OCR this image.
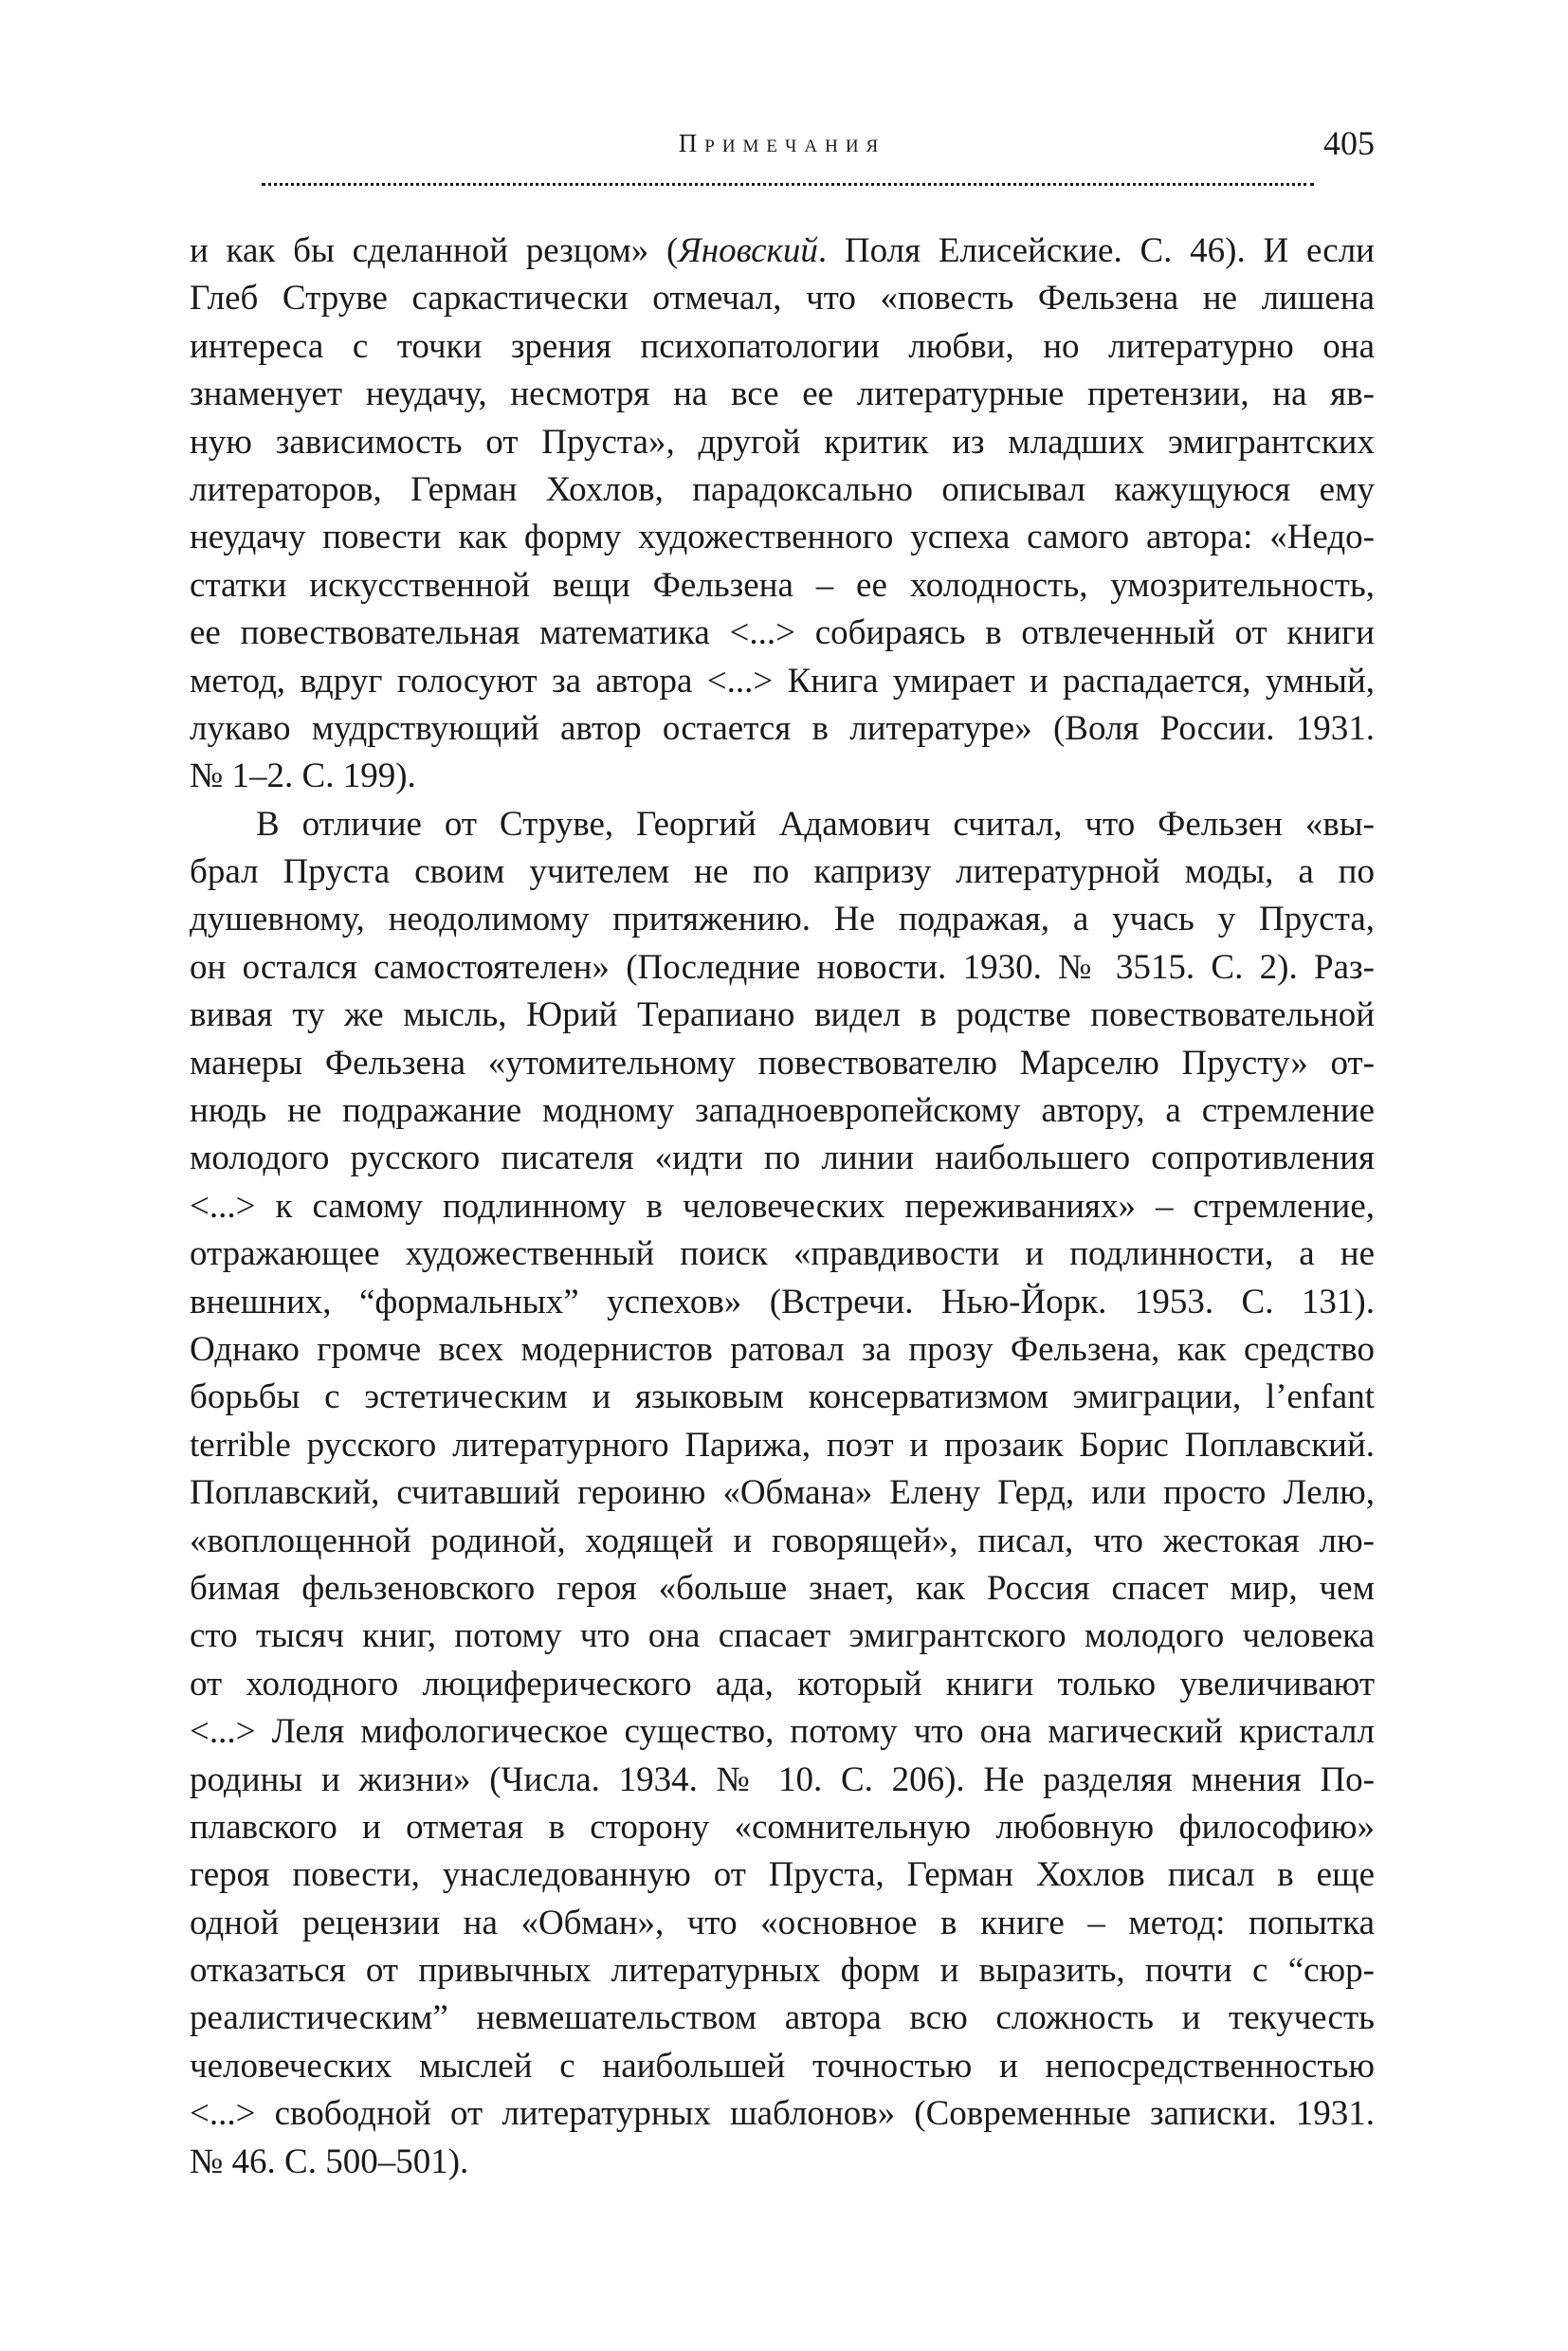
Примечания	405
и как бы сделанной резцом» (Яновский. Поля Елисейские. С. 46). И если
Глеб Струве саркастически отмечал, что «повесть Фельзена не лишена
интереса с точки зрения психопатологии любви, но литературно она
знаменует неудачу, несмотря на все ее литературные претензии, на яв-
ную зависимость от Пруста», другой критик из младших эмигрантских
литераторов, Герман Хохлов, парадоксально описывал кажущуюся ему
неудачу повести как форму художественного успеха самого автора: «Недо-
статки искусственной вещи Фельзена – ее холодность, умозрительность,
ее повествовательная математика <...> собираясь в отвлеченный от книги
метод, вдруг голосуют за автора <...> Книга умирает и распадается, умный,
лукаво мудрствующий автор остается в литературе» (Воля России. 1931.
№ 1–2. С. 199).
В отличие от Струве, Георгий Адамович считал, что Фельзен «вы-
брал Пруста своим учителем не по капризу литературной моды, а по
душевному, неодолимому притяжению. Не подражая, а учась у Пруста,
он остался самостоятелен» (Последние новости. 1930. № 3515. С. 2). Раз-
вивая ту же мысль, Юрий Терапиано видел в родстве повествовательной
манеры Фельзена «утомительному повествователю Марселю Прусту» от-
нюдь не подражание модному западноевропейскому автору, а стремление
молодого русского писателя «идти по линии наибольшего сопротивления
<...> к самому подлинному в человеческих переживаниях» – стремление,
отражающее художественный поиск «правдивости и подлинности, а не
внешних, “формальных” успехов» (Встречи. Нью-Йорк. 1953. С. 131).
Однако громче всех модернистов ратовал за прозу Фельзена, как средство
борьбы с эстетическим и языковым консерватизмом эмиграции, l’enfant
terrible русского литературного Парижа, поэт и прозаик Борис Поплавский.
Поплавский, считавший героиню «Обмана» Елену Герд, или просто Лелю,
«воплощенной родиной, ходящей и говорящей», писал, что жестокая лю-
бимая фельзеновского героя «больше знает, как Россия спасет мир, чем
сто тысяч книг, потому что она спасает эмигрантского молодого человека
от холодного люциферического ада, который книги только увеличивают
<...> Леля мифологическое существо, потому что она магический кристалл
родины и жизни» (Числа. 1934. № 10. С. 206). Не разделяя мнения По-
плавского и отметая в сторону «сомнительную любовную философию»
героя повести, унаследованную от Пруста, Герман Хохлов писал в еще
одной рецензии на «Обман», что «основное в книге – метод: попытка
отказаться от привычных литературных форм и выразить, почти с “сюр-
реалистическим” невмешательством автора всю сложность и текучесть
человеческих мыслей с наибольшей точностью и непосредственностью
<...> свободной от литературных шаблонов» (Современные записки. 1931.
№ 46. С. 500–501).
